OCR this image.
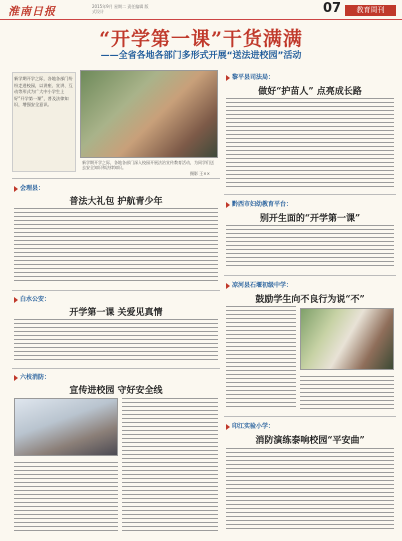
淮南日报	2015年9月 星期二 责任编辑 版式设计	07	教育周刊
“开学第一课”干货满满
——全省各地各部门多形式开展“送法进校园”活动
新学期开学之际，各地各部门纷纷走进校园，以讲座、宣讲、互动等形式为广大中小学生上好“开学第一课”，普及法律知识，增强安全意识。
新学期开学之际，各地各部门深入校园开展法治宣传教育活动，为同学们送去安全知识和法律知识。
摄影 王××
黎平县司法局：
做好“护苗人” 点亮成长路
会理县：
普法大礼包 护航青少年	黔西市妇幼教育平台：
别开生面的“开学第一课”
白水公安：
开学第一课 关爱见真情
凉河县石堰初级中学：
鼓励学生向不良行为说“不”
六枝消防：
宣传进校园 守好安全线
印江实验小学：
消防演练泰响校园“平安曲”
